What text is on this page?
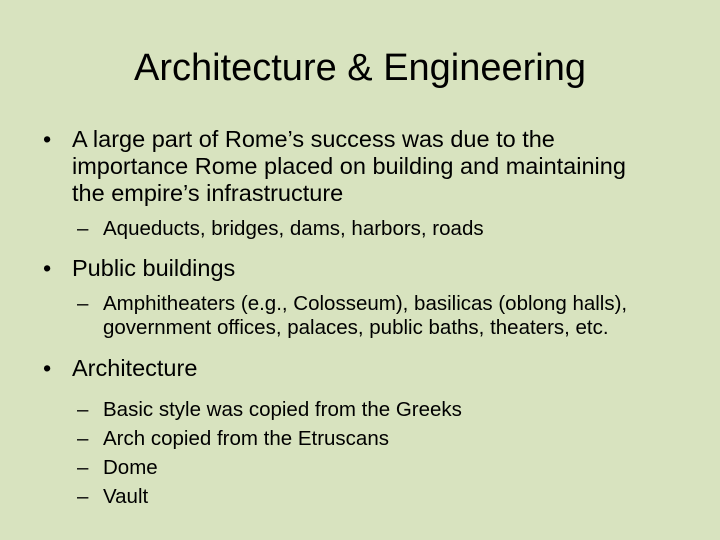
Architecture & Engineering
• A large part of Rome’s success was due to the importance Rome placed on building and maintaining the empire’s infrastructure
– Aqueducts, bridges, dams, harbors, roads
• Public buildings
– Amphitheaters (e.g., Colosseum), basilicas (oblong halls), government offices, palaces, public baths, theaters, etc.
• Architecture
– Basic style was copied from the Greeks
– Arch copied from the Etruscans
– Dome
– Vault
